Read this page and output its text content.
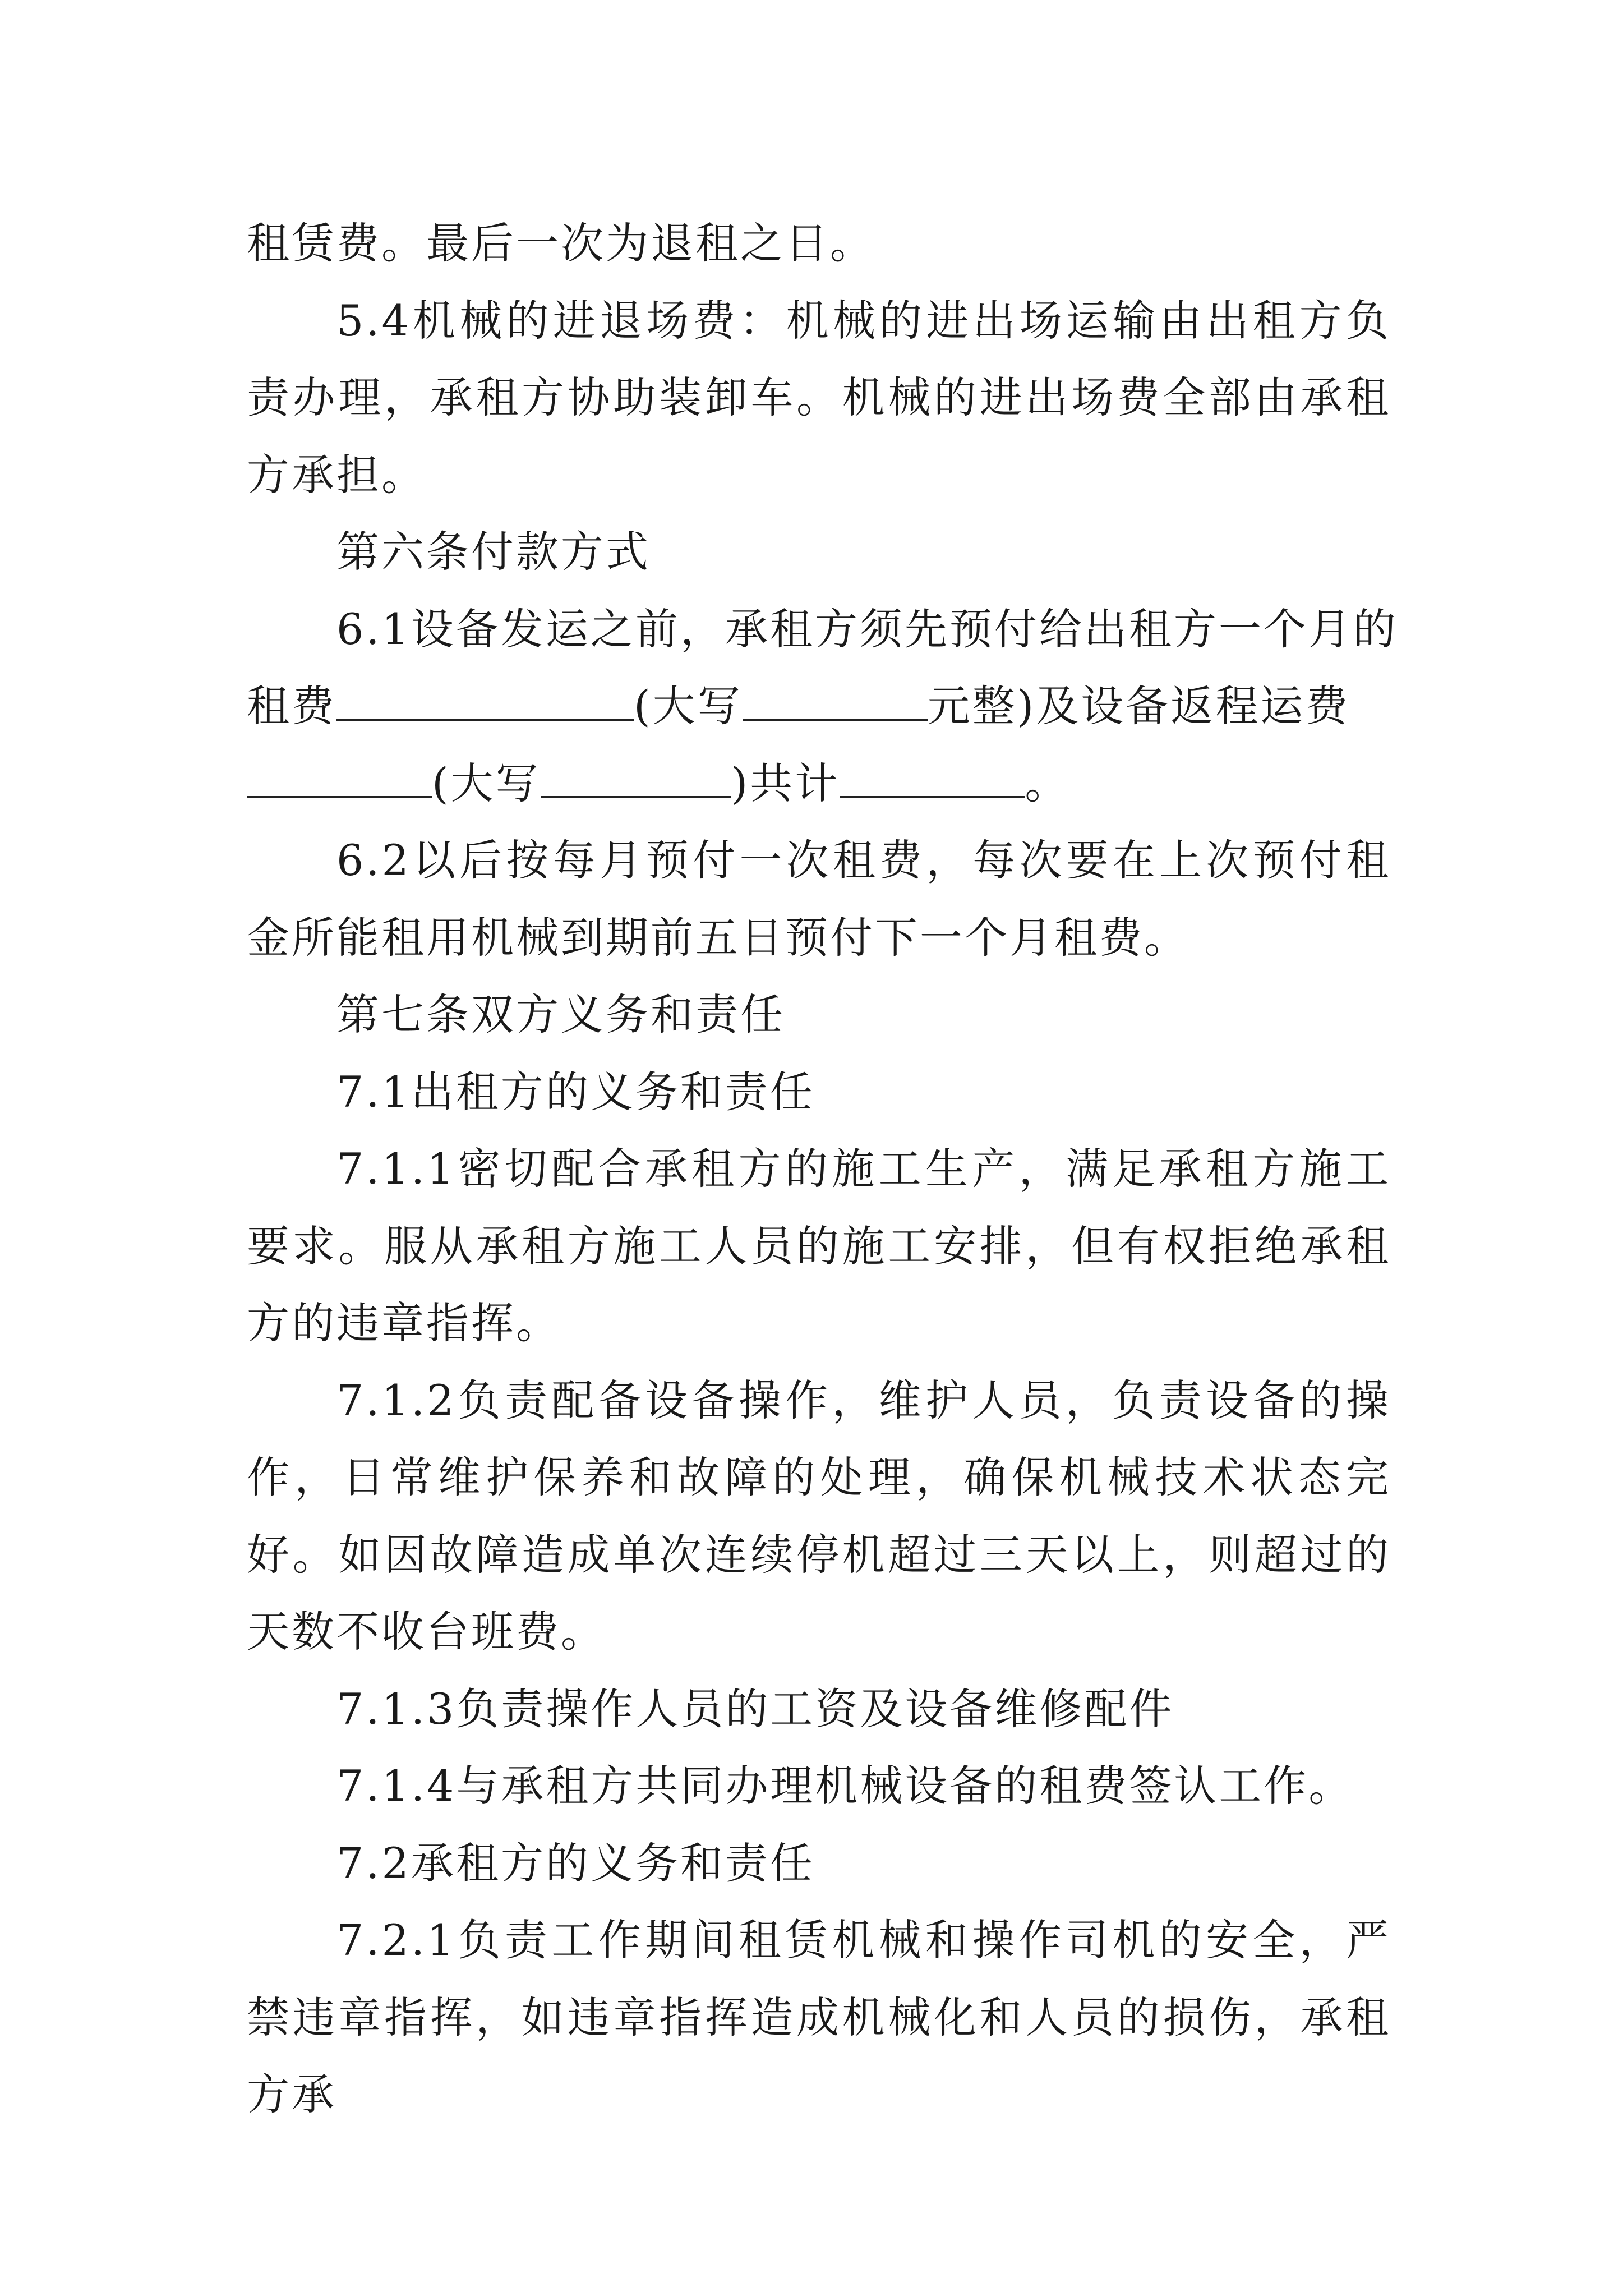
租赁费。最后一次为退租之日。

5.4机械的进退场费：机械的进出场运输由出租方负责办理，承租方协助装卸车。机械的进出场费全部由承租方承担。

第六条付款方式

6.1设备发运之前，承租方须先预付给出租方一个月的
租费	(大写	元整)及设备返程运费
(大写	)共计	。

6.2以后按每月预付一次租费，每次要在上次预付租金所能租用机械到期前五日预付下一个月租费。

第七条双方义务和责任

7.1出租方的义务和责任

7.1.1密切配合承租方的施工生产，满足承租方施工要求。服从承租方施工人员的施工安排，但有权拒绝承租方的违章指挥。

7.1.2负责配备设备操作，维护人员，负责设备的操作，日常维护保养和故障的处理，确保机械技术状态完好。如因故障造成单次连续停机超过三天以上，则超过的天数不收台班费。

7.1.3负责操作人员的工资及设备维修配件

7.1.4与承租方共同办理机械设备的租费签认工作。

7.2承租方的义务和责任

7.2.1负责工作期间租赁机械和操作司机的安全，严禁违章指挥，如违章指挥造成机械化和人员的损伤，承租方承
